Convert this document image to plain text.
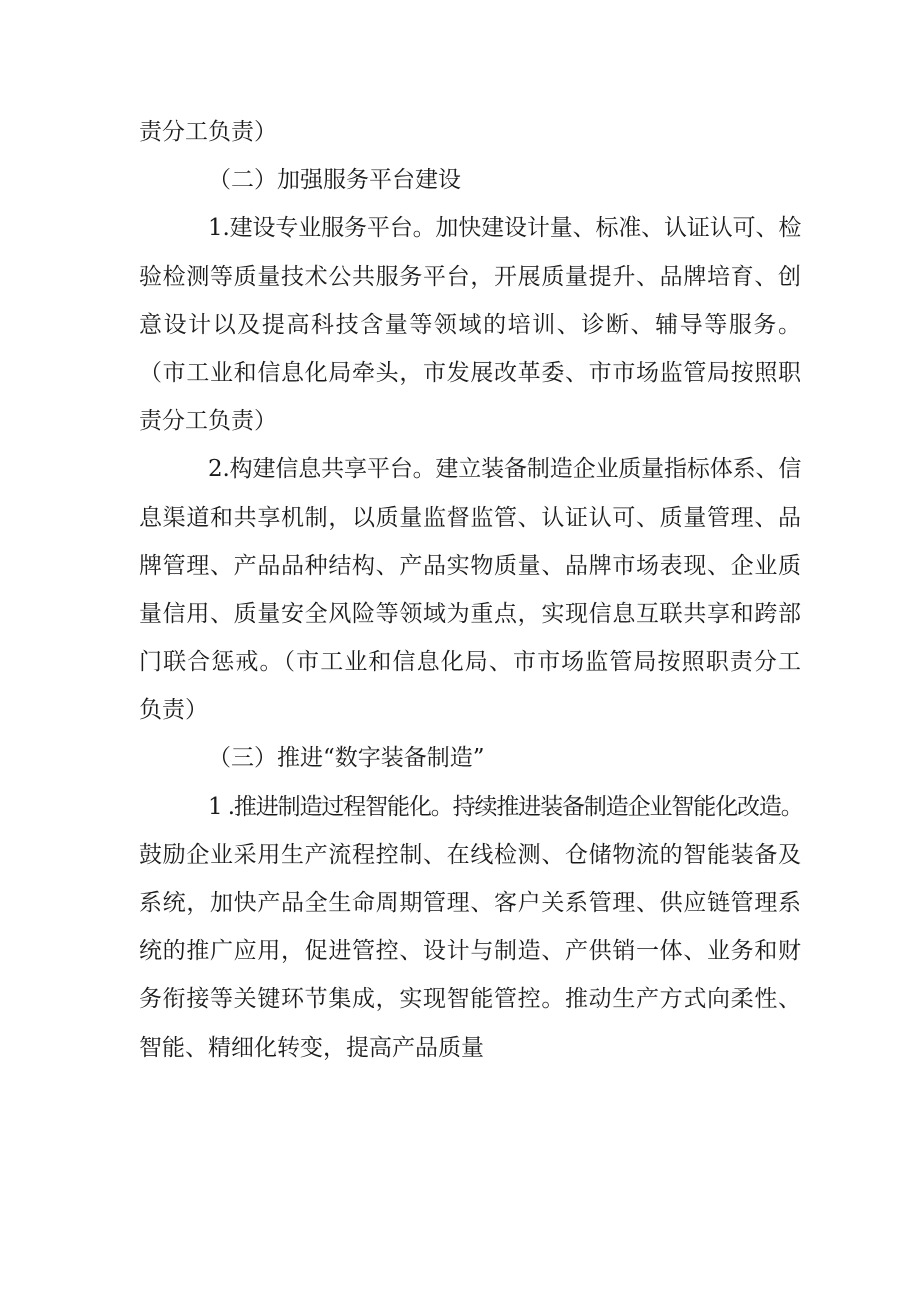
责分工负责）
（二）加强服务平台建设
1.建设专业服务平台。加快建设计量、标准、认证认可、检
验检测等质量技术公共服务平台，开展质量提升、品牌培育、创
意设计以及提高科技含量等领域的培训、诊断、辅导等服务。
（市工业和信息化局牵头，市发展改革委、市市场监管局按照职
责分工负责）
2.构建信息共享平台。建立装备制造企业质量指标体系、信
息渠道和共享机制，以质量监督监管、认证认可、质量管理、品
牌管理、产品品种结构、产品实物质量、品牌市场表现、企业质
量信用、质量安全风险等领域为重点，实现信息互联共享和跨部
门联合惩戒。（市工业和信息化局、市市场监管局按照职责分工
负责）
（三）推进“数字装备制造”
1 .推进制造过程智能化。持续推进装备制造企业智能化改造。
鼓励企业采用生产流程控制、在线检测、仓储物流的智能装备及
系统，加快产品全生命周期管理、客户关系管理、供应链管理系
统的推广应用，促进管控、设计与制造、产供销一体、业务和财
务衔接等关键环节集成，实现智能管控。推动生产方式向柔性、
智能、精细化转变，提高产品质量
